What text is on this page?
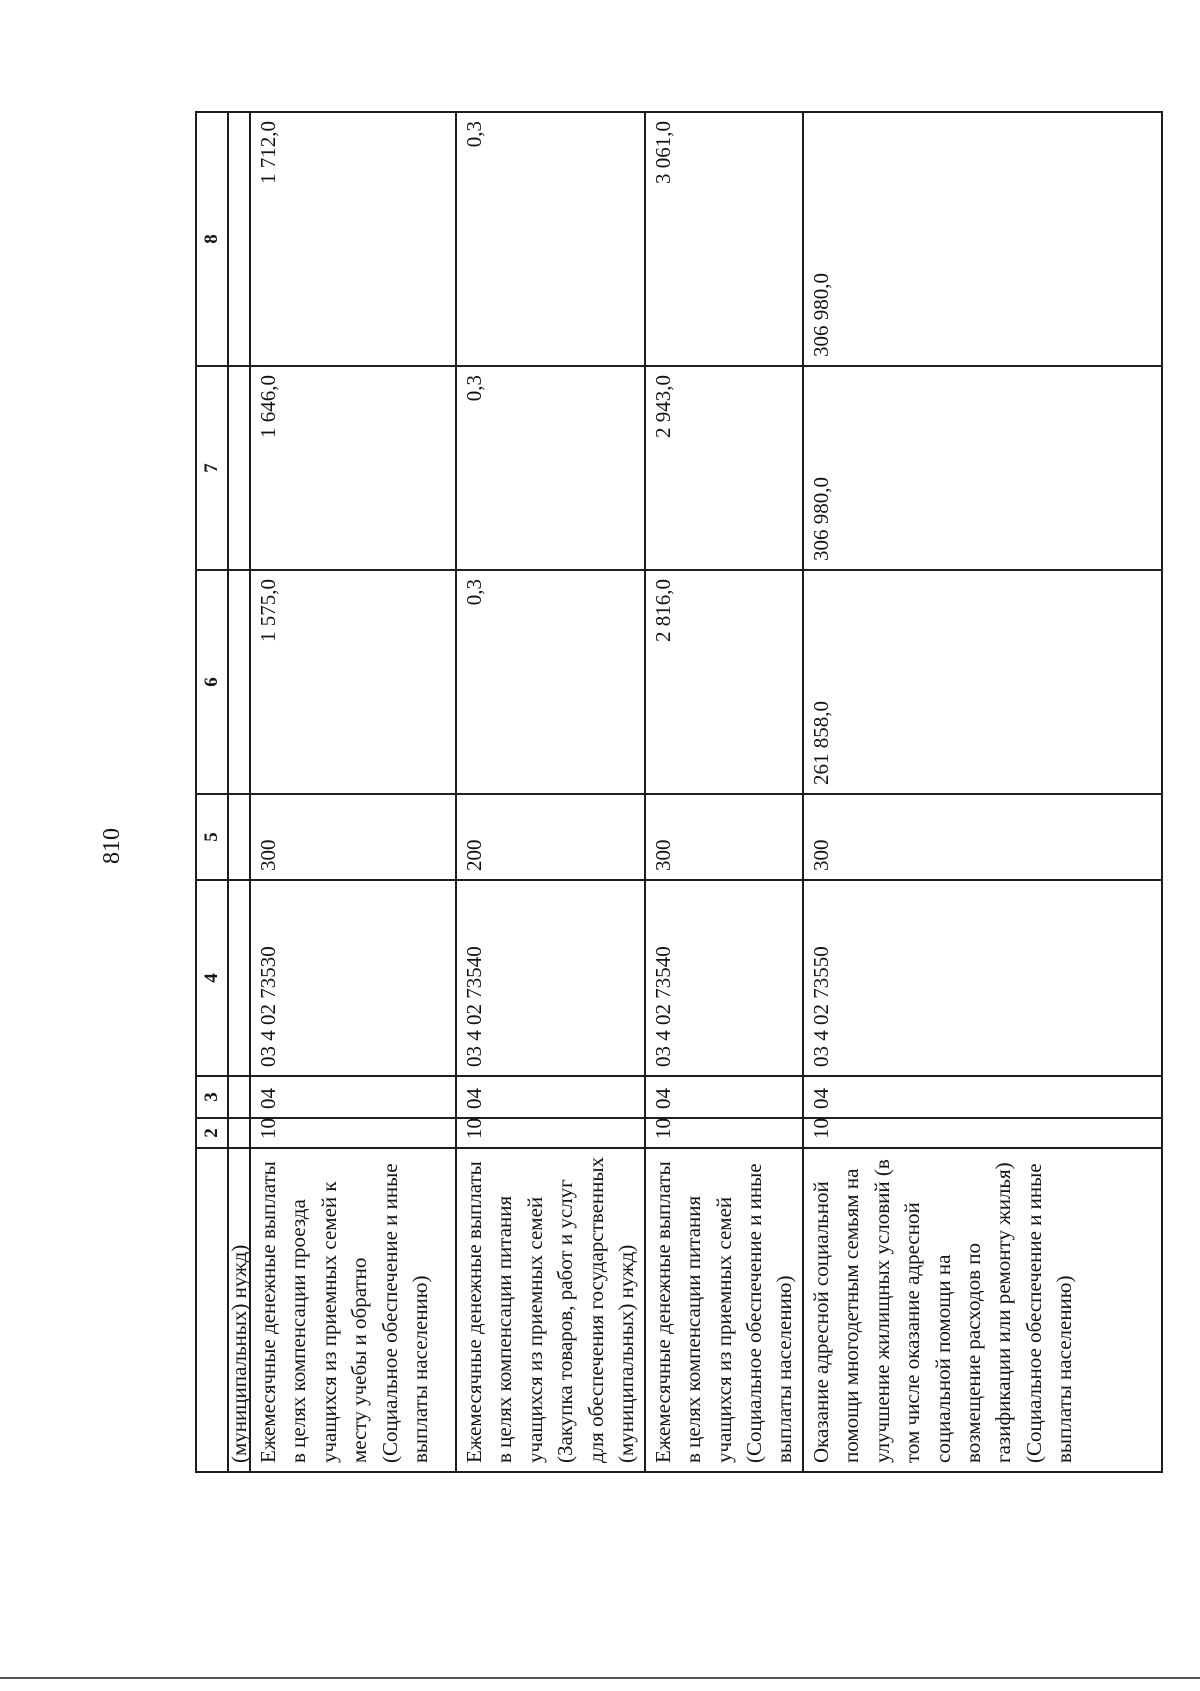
810
	2	3	4	5	6	7	8
(муниципальных) нужд)							
Ежемесячные денежные выплаты в целях компенсации проезда учащихся из приемных семей к месту учебы и обратно (Социальное обеспечение и иные выплаты населению)	10	04	03 4 02 73530	300	1 575,0	1 646,0	1 712,0
Ежемесячные денежные выплаты в целях компенсации питания учащихся из приемных семей (Закупка товаров, работ и услуг для обеспечения государственных (муниципальных) нужд)	10	04	03 4 02 73540	200	0,3	0,3	0,3
Ежемесячные денежные выплаты в целях компенсации питания учащихся из приемных семей (Социальное обеспечение и иные выплаты населению)	10	04	03 4 02 73540	300	2 816,0	2 943,0	3 061,0
Оказание адресной социальной помощи многодетным семьям на улучшение жилищных условий (в том числе оказание адресной социальной помощи на возмещение расходов по газификации или ремонту жилья) (Социальное обеспечение и иные выплаты населению)	10	04	03 4 02 73550	300	261 858,0	306 980,0	306 980,0
